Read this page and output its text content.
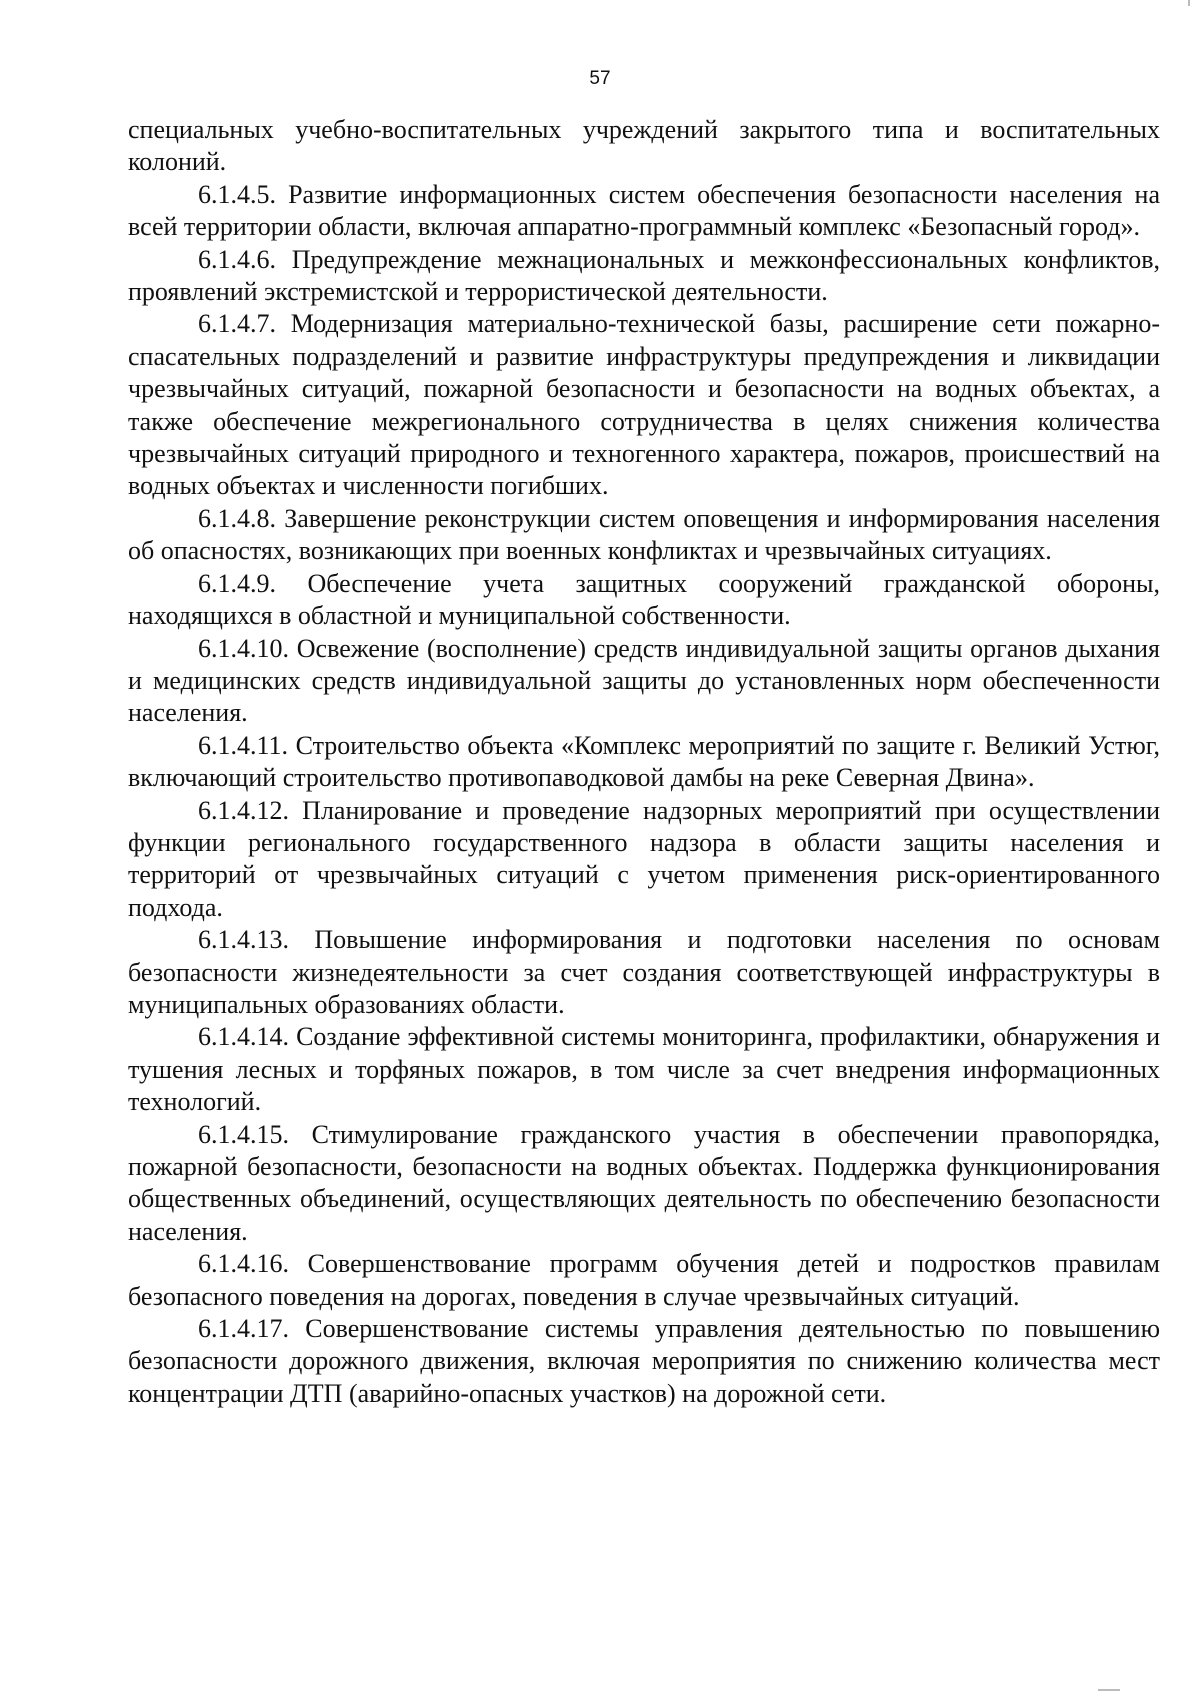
57

специальных учебно-воспитательных учреждений закрытого типа и воспитательных колоний.

6.1.4.5. Развитие информационных систем обеспечения безопасности населения на всей территории области, включая аппаратно-программный комплекс «Безопасный город».

6.1.4.6. Предупреждение межнациональных и межконфессиональных конфликтов, проявлений экстремистской и террористической деятельности.

6.1.4.7. Модернизация материально-технической базы, расширение сети пожарно-спасательных подразделений и развитие инфраструктуры предупреждения и ликвидации чрезвычайных ситуаций, пожарной безопасности и безопасности на водных объектах, а также обеспечение межрегионального сотрудничества в целях снижения количества чрезвычайных ситуаций природного и техногенного характера, пожаров, происшествий на водных объектах и численности погибших.

6.1.4.8. Завершение реконструкции систем оповещения и информирования населения об опасностях, возникающих при военных конфликтах и чрезвычайных ситуациях.

6.1.4.9. Обеспечение учета защитных сооружений гражданской обороны, находящихся в областной и муниципальной собственности.

6.1.4.10. Освежение (восполнение) средств индивидуальной защиты органов дыхания и медицинских средств индивидуальной защиты до установленных норм обеспеченности населения.

6.1.4.11. Строительство объекта «Комплекс мероприятий по защите г. Великий Устюг, включающий строительство противопаводковой дамбы на реке Северная Двина».

6.1.4.12. Планирование и проведение надзорных мероприятий при осуществлении функции регионального государственного надзора в области защиты населения и территорий от чрезвычайных ситуаций с учетом применения риск-ориентированного подхода.

6.1.4.13. Повышение информирования и подготовки населения по основам безопасности жизнедеятельности за счет создания соответствующей инфраструктуры в муниципальных образованиях области.

6.1.4.14. Создание эффективной системы мониторинга, профилактики, обнаружения и тушения лесных и торфяных пожаров, в том числе за счет внедрения информационных технологий.

6.1.4.15. Стимулирование гражданского участия в обеспечении правопорядка, пожарной безопасности, безопасности на водных объектах. Поддержка функционирования общественных объединений, осуществляющих деятельность по обеспечению безопасности населения.

6.1.4.16. Совершенствование программ обучения детей и подростков правилам безопасного поведения на дорогах, поведения в случае чрезвычайных ситуаций.

6.1.4.17. Совершенствование системы управления деятельностью по повышению безопасности дорожного движения, включая мероприятия по снижению количества мест концентрации ДТП (аварийно-опасных участков) на дорожной сети.
